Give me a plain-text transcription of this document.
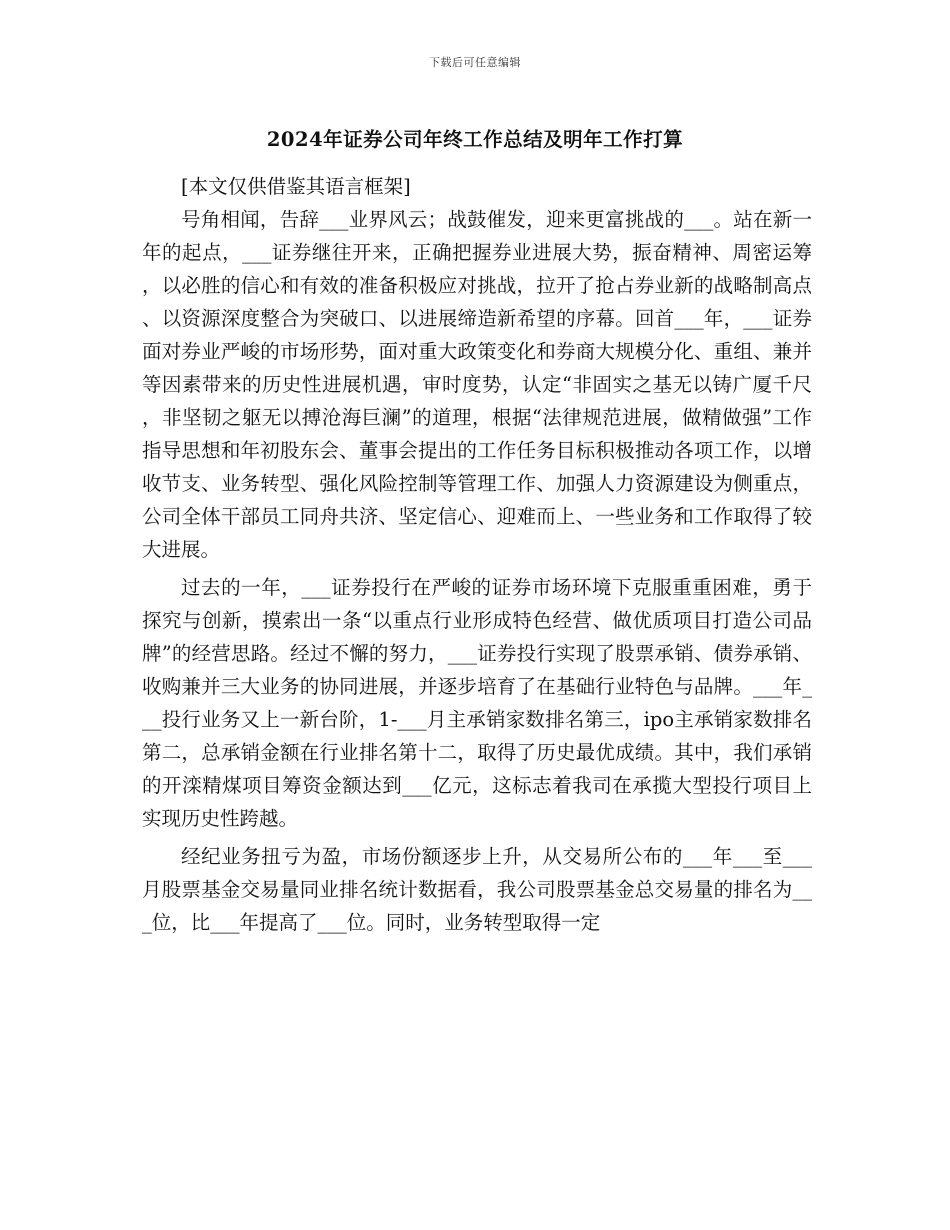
下载后可任意编辑
2024年证券公司年终工作总结及明年工作打算

[本文仅供借鉴其语言框架]

号角相闻，告辞___业界风云；战鼓催发，迎来更富挑战的___。站在新一年的起点，___证券继往开来，正确把握券业进展大势，振奋精神、周密运筹，以必胜的信心和有效的准备积极应对挑战，拉开了抢占券业新的战略制高点、以资源深度整合为突破口、以进展缔造新希望的序幕。回首___年，___证券面对券业严峻的市场形势，面对重大政策变化和券商大规模分化、重组、兼并等因素带来的历史性进展机遇，审时度势，认定“非固实之基无以铸广厦千尺，非坚韧之躯无以搏沧海巨澜”的道理，根据“法律规范进展，做精做强”工作指导思想和年初股东会、董事会提出的工作任务目标积极推动各项工作，以增收节支、业务转型、强化风险控制等管理工作、加强人力资源建设为侧重点，公司全体干部员工同舟共济、坚定信心、迎难而上、一些业务和工作取得了较大进展。

过去的一年，___证券投行在严峻的证券市场环境下克服重重困难，勇于探究与创新，摸索出一条“以重点行业形成特色经营、做优质项目打造公司品牌”的经营思路。经过不懈的努力，___证券投行实现了股票承销、债券承销、收购兼并三大业务的协同进展，并逐步培育了在基础行业特色与品牌。___年___投行业务又上一新台阶，1-___月主承销家数排名第三，ipo主承销家数排名第二，总承销金额在行业排名第十二，取得了历史最优成绩。其中，我们承销的开滦精煤项目筹资金额达到___亿元，这标志着我司在承揽大型投行项目上实现历史性跨越。

经纪业务扭亏为盈，市场份额逐步上升，从交易所公布的___年___至___月股票基金交易量同业排名统计数据看，我公司股票基金总交易量的排名为___位，比___年提高了___位。同时，业务转型取得一定
